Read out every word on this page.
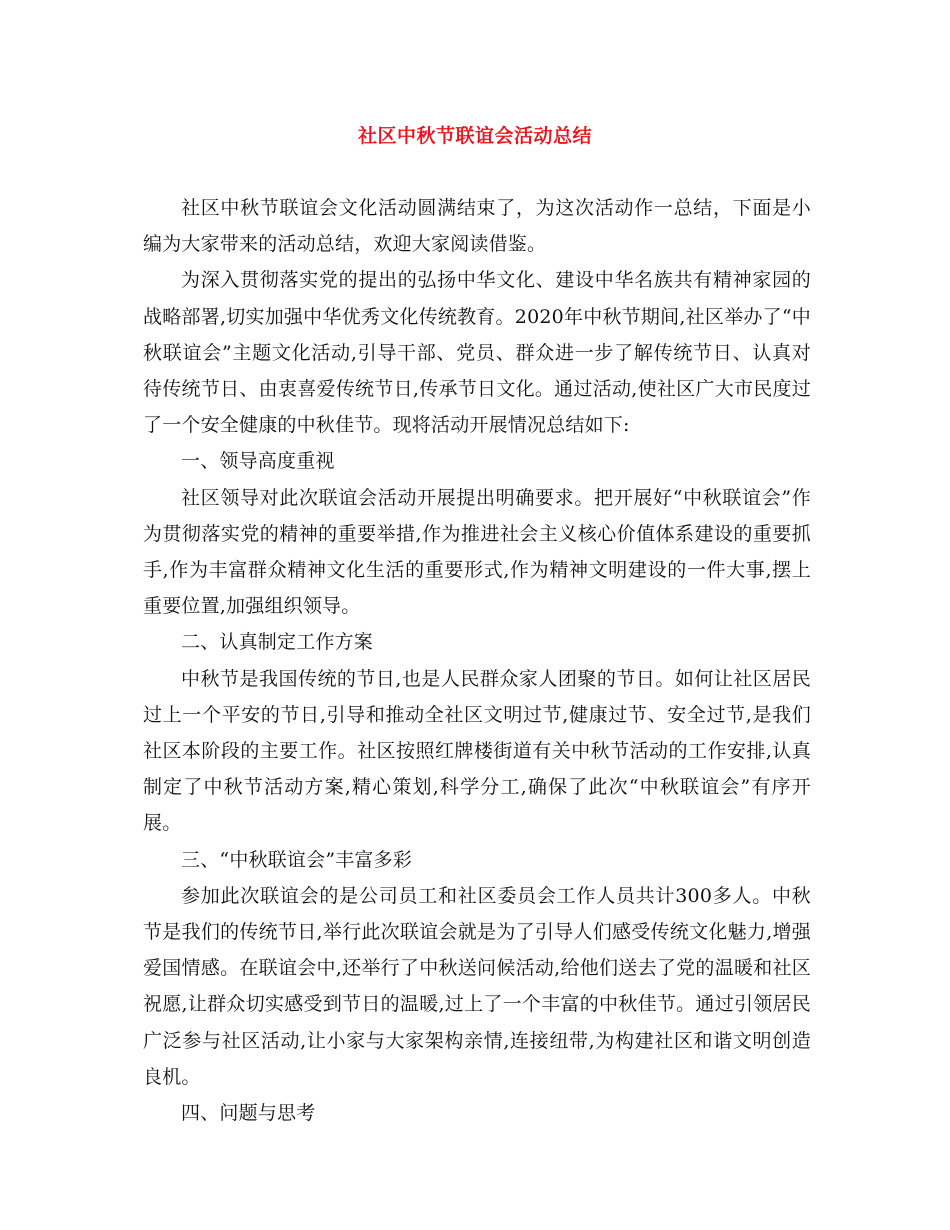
社区中秋节联谊会活动总结

社区中秋节联谊会文化活动圆满结束了，为这次活动作一总结，下面是小编为大家带来的活动总结，欢迎大家阅读借鉴。

为深入贯彻落实党的提出的弘扬中华文化、建设中华名族共有精神家园的战略部署,切实加强中华优秀文化传统教育。2020年中秋节期间,社区举办了“中秋联谊会”主题文化活动,引导干部、党员、群众进一步了解传统节日、认真对待传统节日、由衷喜爱传统节日,传承节日文化。通过活动,使社区广大市民度过了一个安全健康的中秋佳节。现将活动开展情况总结如下:

一、领导高度重视

社区领导对此次联谊会活动开展提出明确要求。把开展好“中秋联谊会”作为贯彻落实党的精神的重要举措,作为推进社会主义核心价值体系建设的重要抓手,作为丰富群众精神文化生活的重要形式,作为精神文明建设的一件大事,摆上重要位置,加强组织领导。

二、认真制定工作方案

中秋节是我国传统的节日,也是人民群众家人团聚的节日。如何让社区居民过上一个平安的节日,引导和推动全社区文明过节,健康过节、安全过节,是我们社区本阶段的主要工作。社区按照红牌楼街道有关中秋节活动的工作安排,认真制定了中秋节活动方案,精心策划,科学分工,确保了此次“中秋联谊会”有序开展。

三、“中秋联谊会”丰富多彩

参加此次联谊会的是公司员工和社区委员会工作人员共计300多人。中秋节是我们的传统节日,举行此次联谊会就是为了引导人们感受传统文化魅力,增强爱国情感。在联谊会中,还举行了中秋送问候活动,给他们送去了党的温暖和社区祝愿,让群众切实感受到节日的温暖,过上了一个丰富的中秋佳节。通过引领居民广泛参与社区活动,让小家与大家架构亲情,连接纽带,为构建社区和谐文明创造良机。

四、问题与思考
